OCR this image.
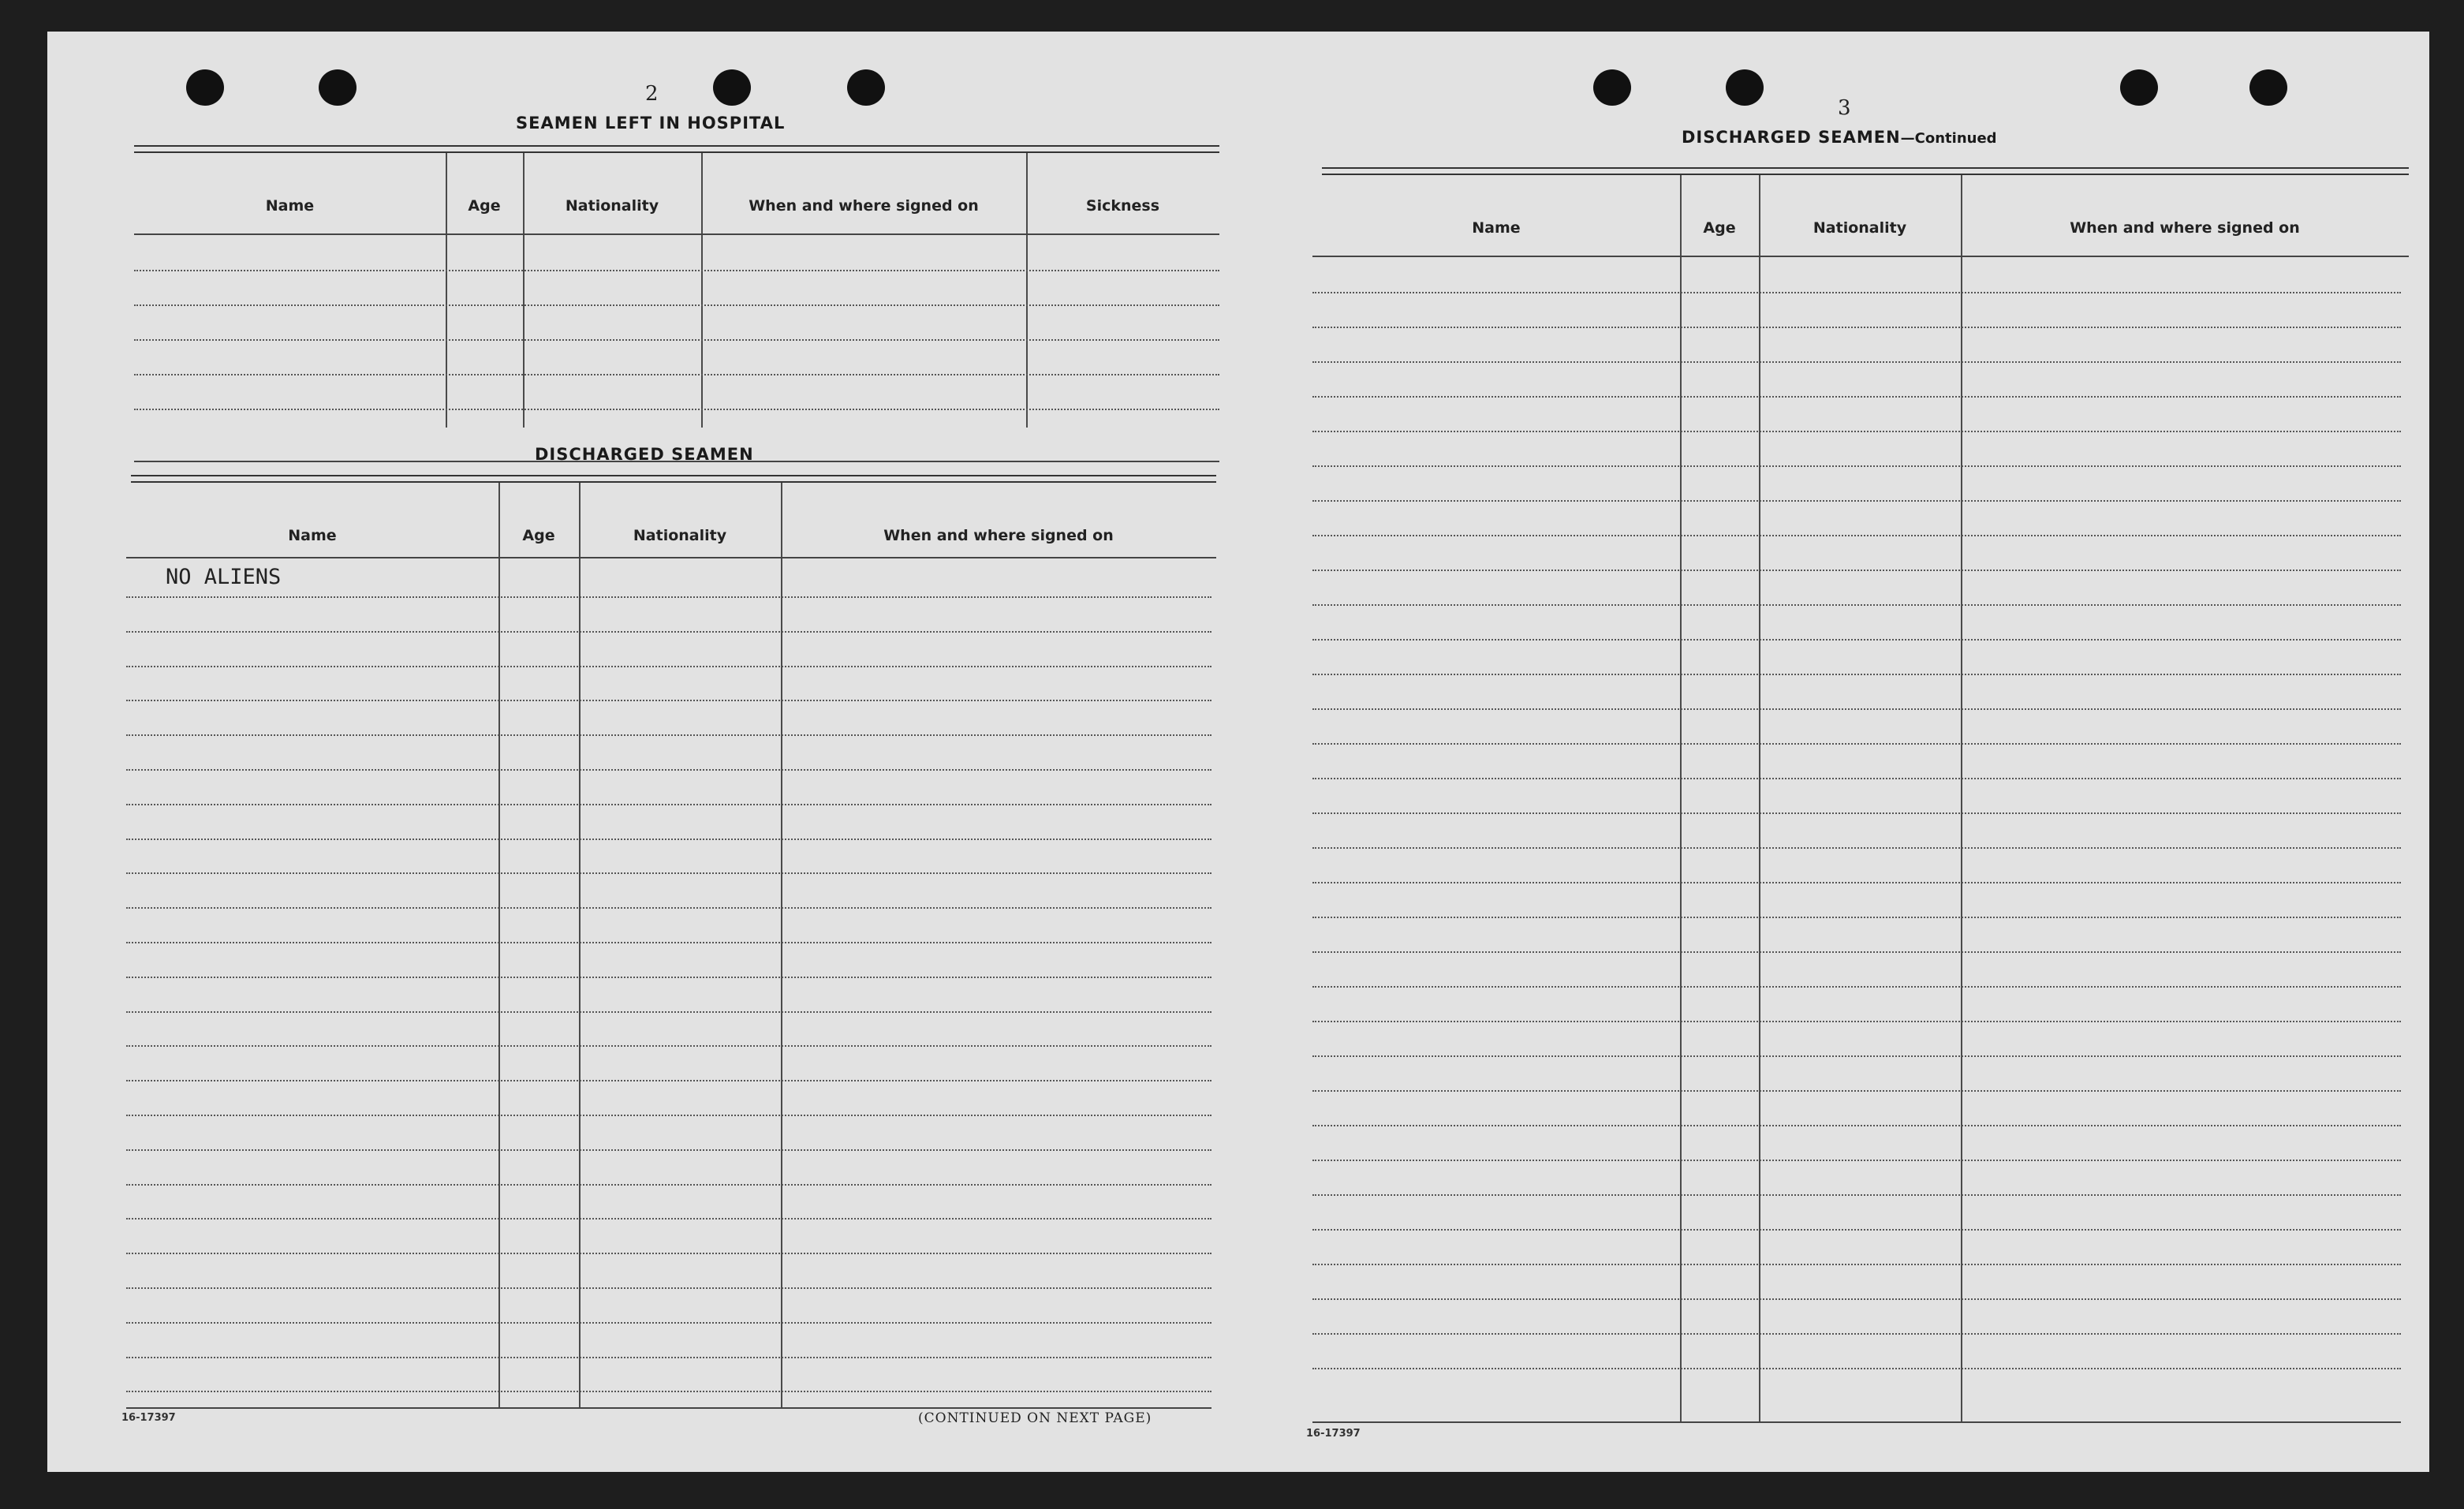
2
SEAMEN LEFT IN HOSPITAL
Name	Age	Nationality	When and where signed on	Sickness
DISCHARGED SEAMEN
Name	Age	Nationality	When and where signed on
NO ALIENS
16-17397	(CONTINUED ON NEXT PAGE)
3
DISCHARGED SEAMEN—Continued
Name	Age	Nationality	When and where signed on
16-17397
